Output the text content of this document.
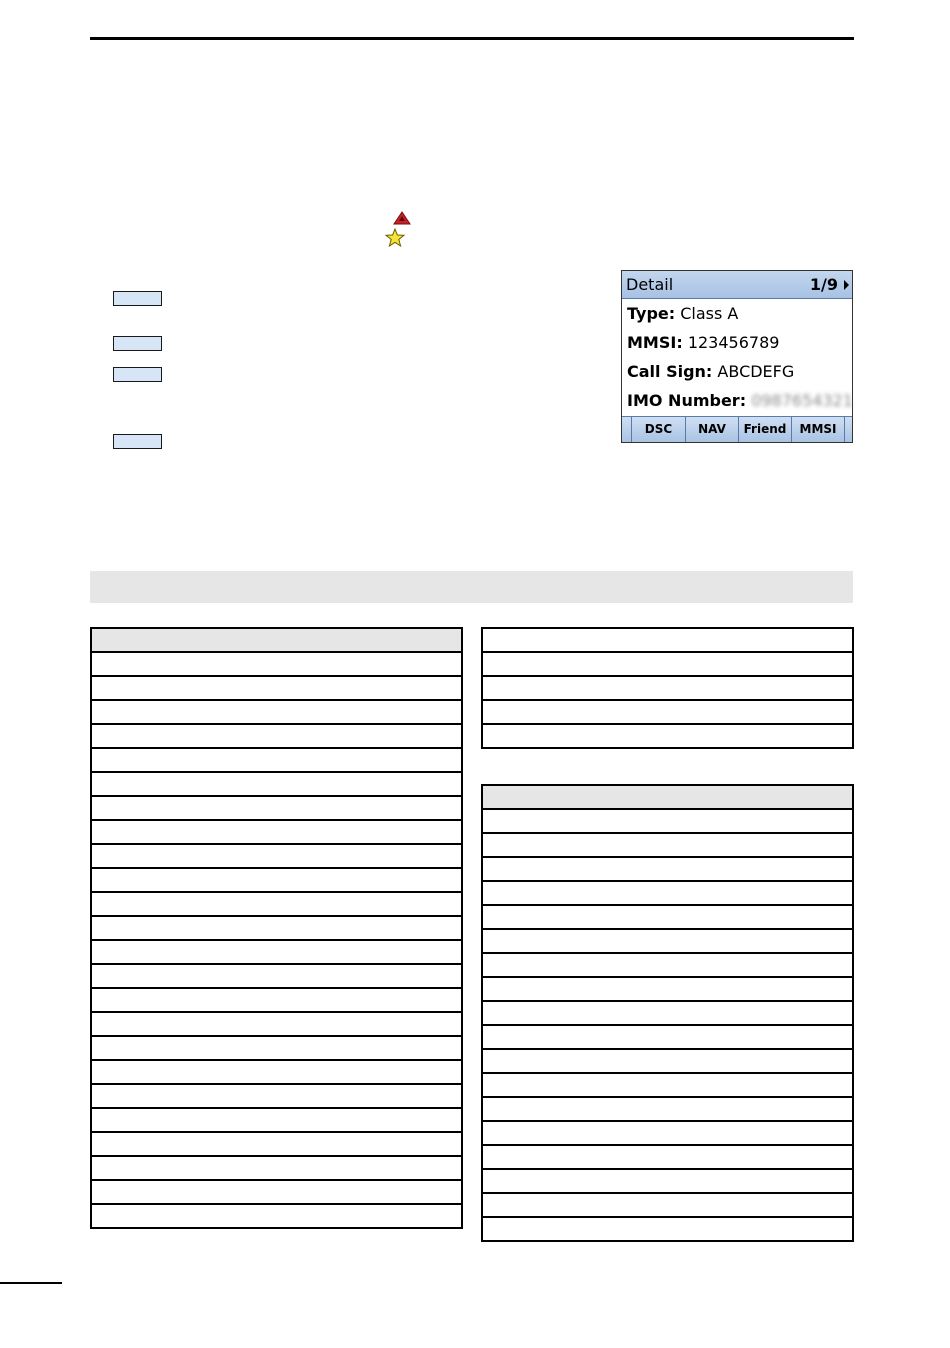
Detail	1/9
Type: Class A
MMSI: 123456789
Call Sign: ABCDEFG
IMO Number: 0987654321
DSC	NAV	Friend	MMSI
